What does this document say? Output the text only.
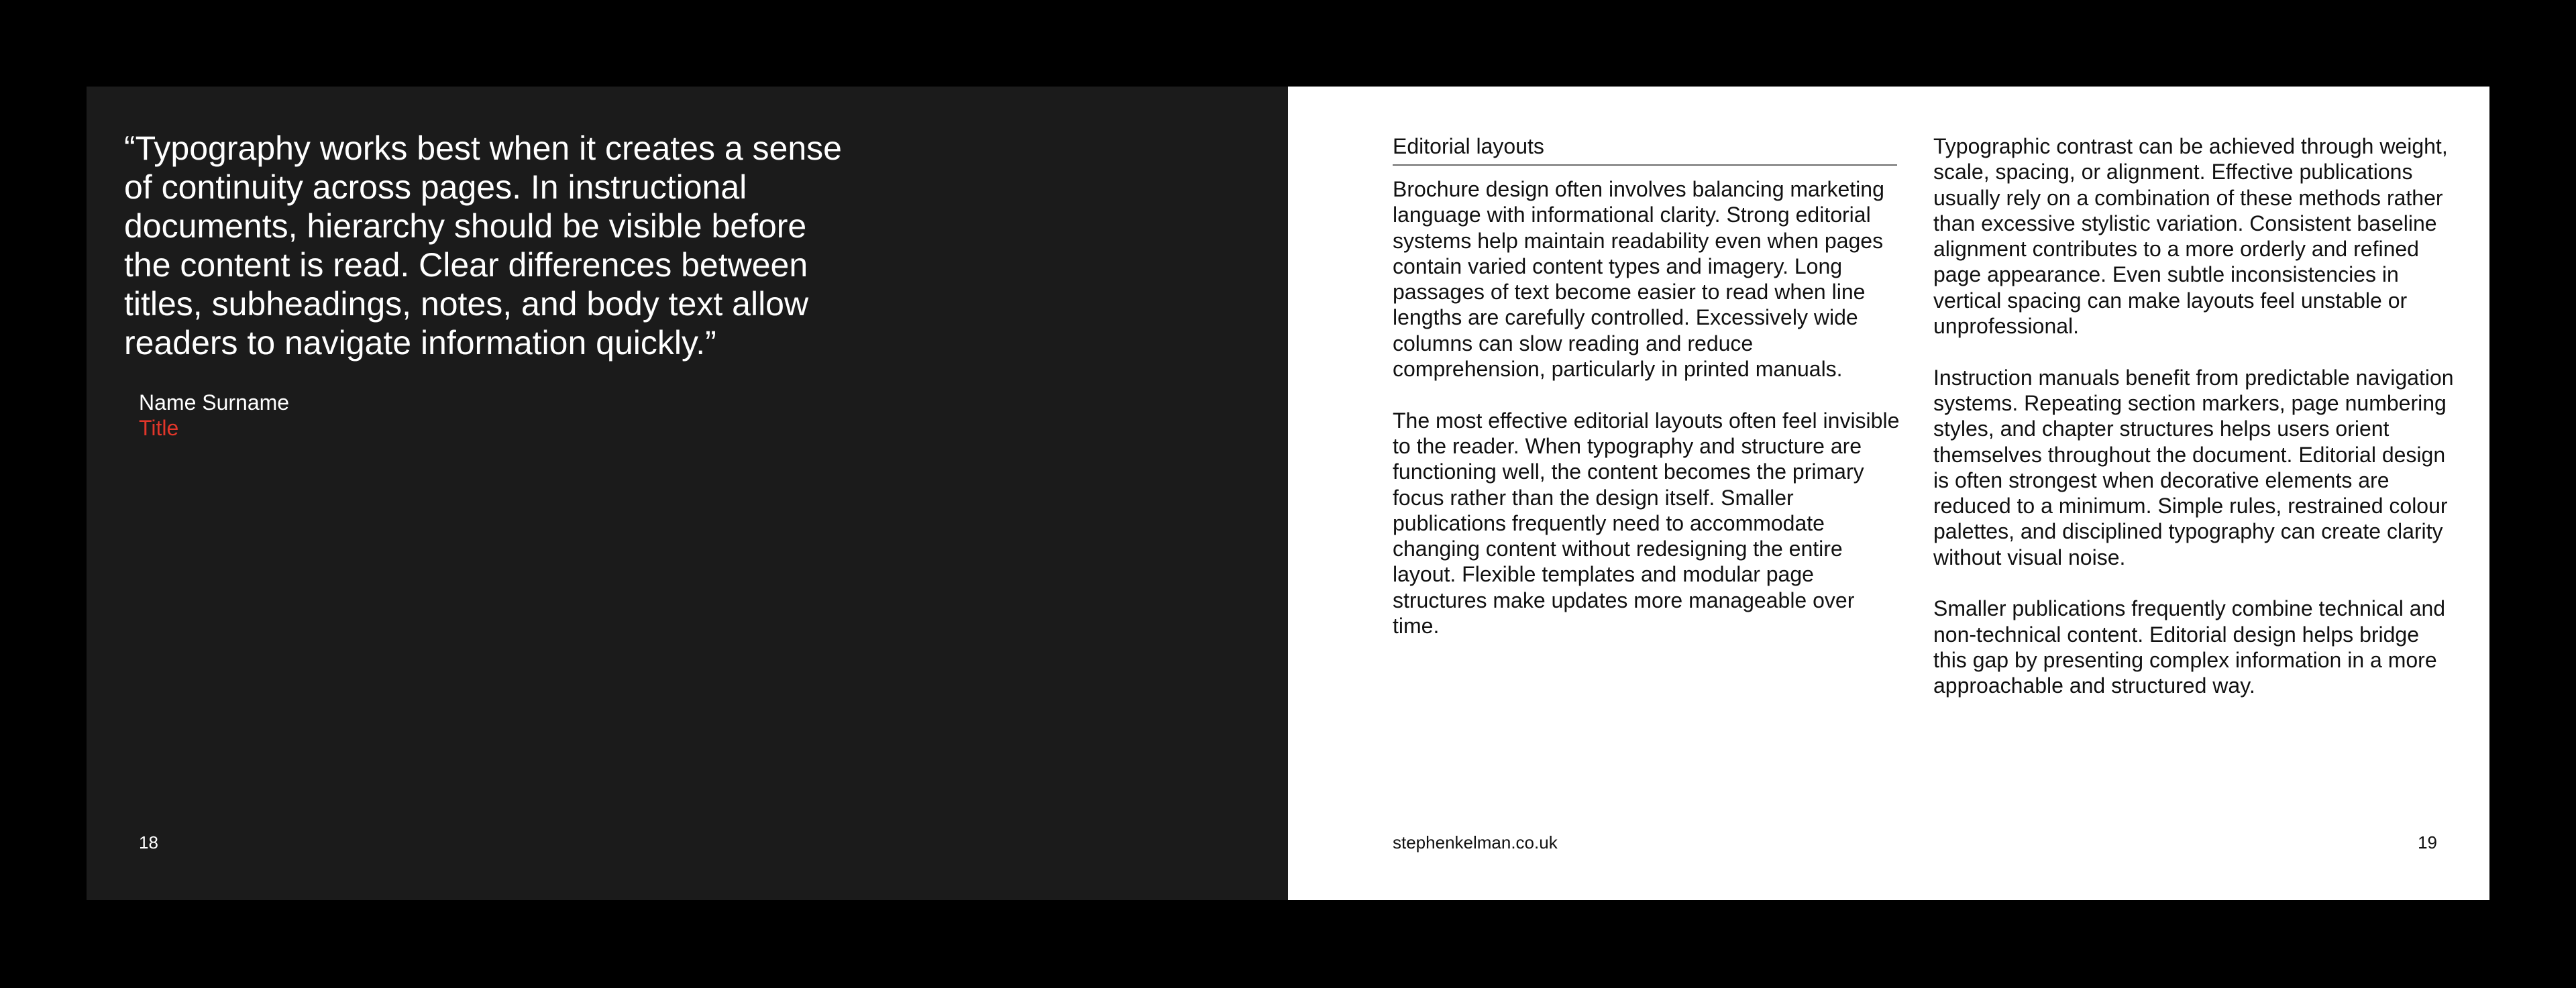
“Typography works best when it creates a sense
of continuity across pages. In instructional
documents, hierarchy should be visible before
the content is read. Clear differences between
titles, subheadings, notes, and body text allow
readers to navigate information quickly.”

Name Surname
Title
18
Editorial layouts

Brochure design often involves balancing marketing language with informational clarity. Strong editorial systems help maintain readability even when pages contain varied content types and imagery. Long passages of text become easier to read when line lengths are carefully controlled. Excessively wide columns can slow reading and reduce comprehension, particularly in printed manuals.

The most effective editorial layouts often feel invisible to the reader. When typography and structure are functioning well, the content becomes the primary focus rather than the design itself. Smaller publications frequently need to accommodate changing content without redesigning the entire layout. Flexible templates and modular page structures make updates more manageable over time.

Typographic contrast can be achieved through weight, scale, spacing, or alignment. Effective publications usually rely on a combination of these methods rather than excessive stylistic variation. Consistent baseline alignment contributes to a more orderly and refined page appearance. Even subtle inconsistencies in vertical spacing can make layouts feel unstable or unprofessional.

Instruction manuals benefit from predictable navigation systems. Repeating section markers, page numbering styles, and chapter structures helps users orient themselves throughout the document. Editorial design is often strongest when decorative elements are reduced to a minimum. Simple rules, restrained colour palettes, and disciplined typography can create clarity without visual noise.

Smaller publications frequently combine technical and non-technical content. Editorial design helps bridge this gap by presenting complex information in a more approachable and structured way.

stephenkelman.co.uk	19
